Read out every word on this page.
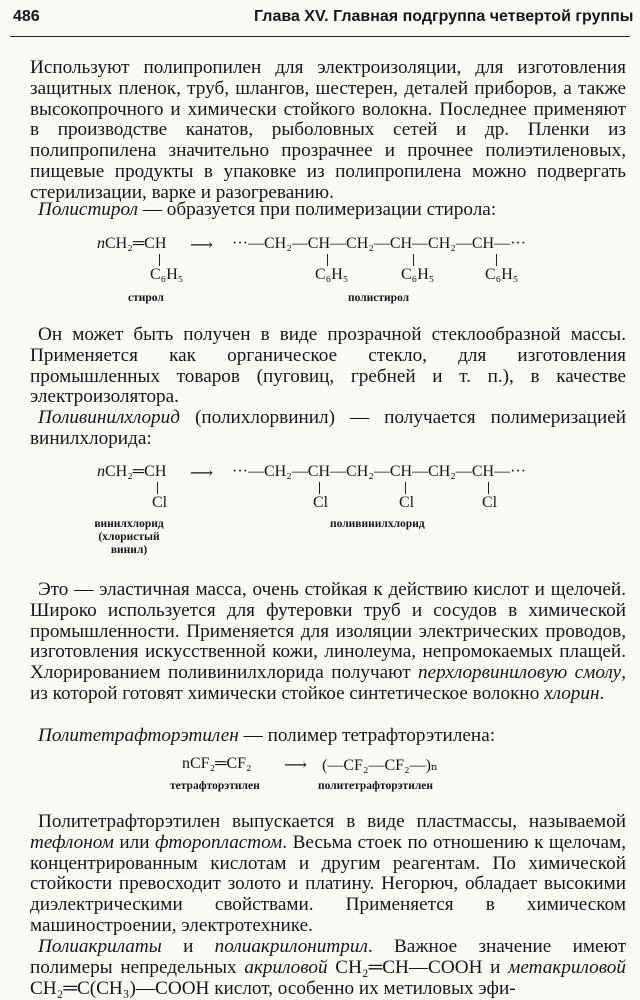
486	Глава XV. Главная подгруппа четвертой группы

Используют полипропилен для электроизоляции, для изготовления защитных пленок, труб, шлангов, шестерен, деталей приборов, а также высокопрочного и химически стойкого волокна. Последнее применяют в производстве канатов, рыболовных сетей и др. Пленки из полипропилена значительно прозрачнее и прочнее полиэтиленовых, пищевые продукты в упаковке из полипропилена можно подвергать стерилизации, варке и разогреванию.

Полистирол — образуется при полимеризации стирола:

nCH₂═CH ⟶ ···—CH₂—CH—CH₂—CH—CH₂—CH—···
C₆H₅	C₆H₅	C₆H₅	C₆H₅
стирол	полистирол

Он может быть получен в виде прозрачной стеклообразной массы. Применяется как органическое стекло, для изготовления промышленных товаров (пуговиц, гребней и т. п.), в качестве электроизолятора.

Поливинилхлорид (полихлорвинил) — получается полимеризацией винилхлорида:

nCH₂═CH ⟶ ···—CH₂—CH—CH₂—CH—CH₂—CH—···
Cl	Cl	Cl	Cl
винилхлорид (хлористый винил)
поливинилхлорид

Это — эластичная масса, очень стойкая к действию кислот и щелочей. Широко используется для футеровки труб и сосудов в химической промышленности. Применяется для изоляции электрических проводов, изготовления искусственной кожи, линолеума, непромокаемых плащей. Хлорированием поливинилхлорида получают перхлорвиниловую смолу, из которой готовят химически стойкое синтетическое волокно хлорин.

Политетрафторэтилен — полимер тетрафторэтилена:

nCF₂═CF₂ ⟶ (—CF₂—CF₂—)ₙ
тетрафторэтилен	политетрафторэтилен

Политетрафторэтилен выпускается в виде пластмассы, называемой тефлоном или фторопластом. Весьма стоек по отношению к щелочам, концентрированным кислотам и другим реагентам. По химической стойкости превосходит золото и платину. Негорюч, обладает высокими диэлектрическими свойствами. Применяется в химическом машиностроении, электротехнике.

Полиакрилаты и полиакрилонитрил. Важное значение имеют полимеры непредельных акриловой CH₂═CH—COOH и метакриловой CH₂═C(CH₃)—COOH кислот, особенно их метиловых эфи-
